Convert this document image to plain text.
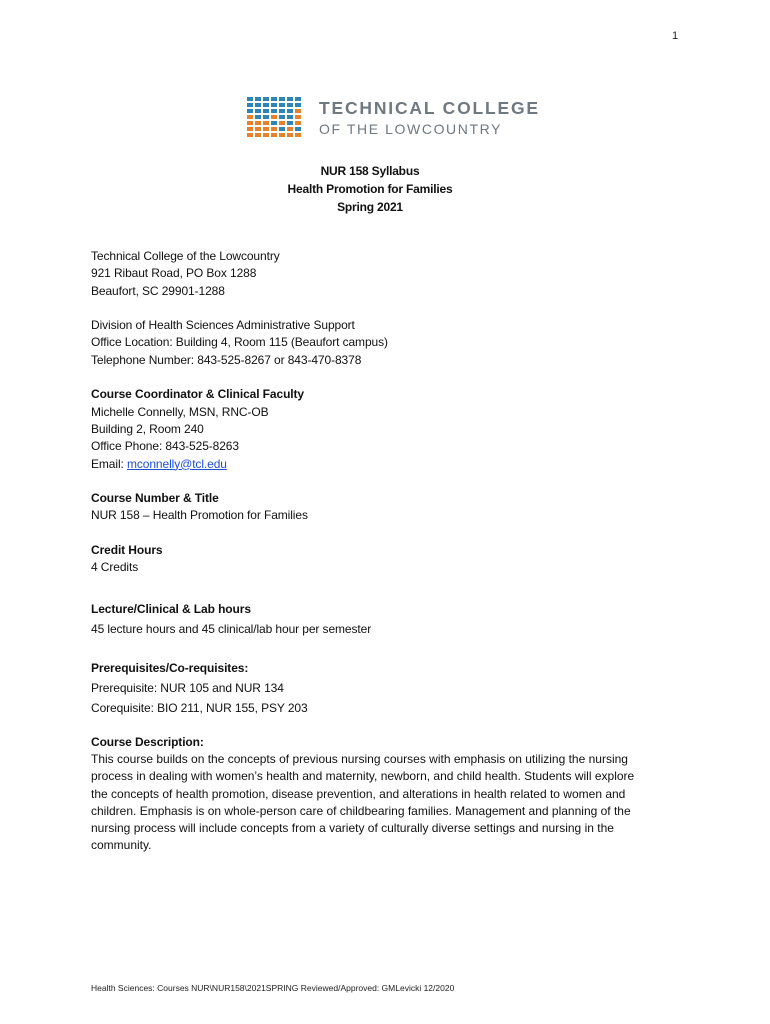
1
TECHNICAL COLLEGE
OF THE LOWCOUNTRY
NUR 158 Syllabus
Health Promotion for Families
Spring 2021
Technical College of the Lowcountry
921 Ribaut Road, PO Box 1288
Beaufort, SC 29901-1288
Division of Health Sciences Administrative Support
Office Location: Building 4, Room 115 (Beaufort campus)
Telephone Number: 843-525-8267 or 843-470-8378
Course Coordinator & Clinical Faculty
Michelle Connelly, MSN, RNC-OB
Building 2, Room 240
Office Phone: 843-525-8263
Email: mconnelly@tcl.edu
Course Number & Title
NUR 158 – Health Promotion for Families
Credit Hours
4 Credits
Lecture/Clinical & Lab hours
45 lecture hours and 45 clinical/lab hour per semester
Prerequisites/Co-requisites:
Prerequisite: NUR 105 and NUR 134
Corequisite: BIO 211, NUR 155, PSY 203
Course Description:
This course builds on the concepts of previous nursing courses with emphasis on utilizing the nursing
process in dealing with women’s health and maternity, newborn, and child health. Students will explore
the concepts of health promotion, disease prevention, and alterations in health related to women and
children. Emphasis is on whole-person care of childbearing families. Management and planning of the
nursing process will include concepts from a variety of culturally diverse settings and nursing in the
community.
Health Sciences: Courses NUR\NUR158\2021SPRING Reviewed/Approved: GMLevicki 12/2020
